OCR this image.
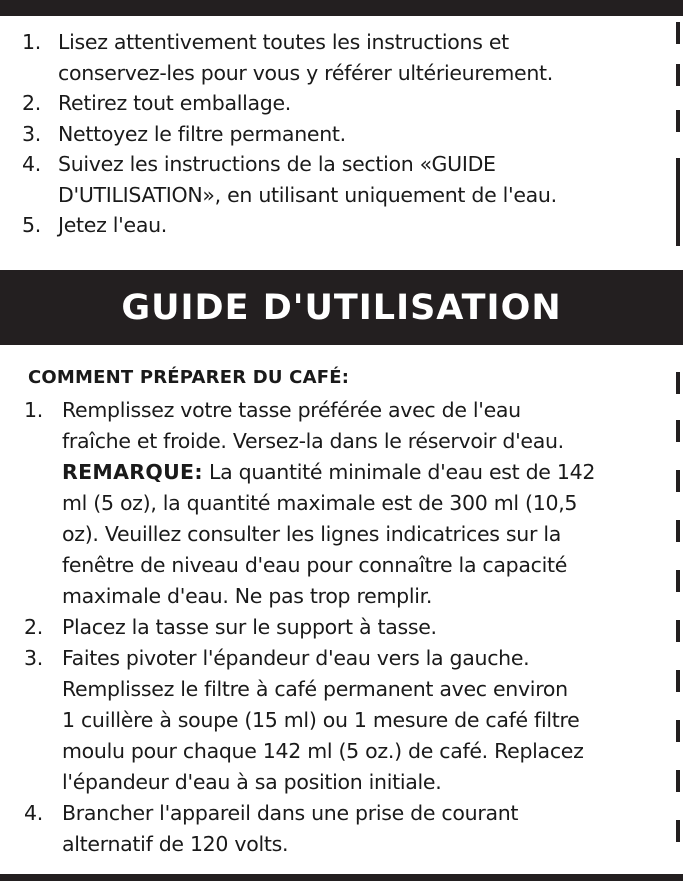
1. Lisez attentivement toutes les instructions et
conservez-les pour vous y référer ultérieurement.
2. Retirez tout emballage.
3. Nettoyez le filtre permanent.
4. Suivez les instructions de la section «GUIDE
D'UTILISATION», en utilisant uniquement de l'eau.
5. Jetez l'eau.
GUIDE D'UTILISATION
COMMENT PRÉPARER DU CAFÉ:
1. Remplissez votre tasse préférée avec de l'eau
fraîche et froide. Versez-la dans le réservoir d'eau.
REMARQUE: La quantité minimale d'eau est de 142
ml (5 oz), la quantité maximale est de 300 ml (10,5
oz). Veuillez consulter les lignes indicatrices sur la
fenêtre de niveau d'eau pour connaître la capacité
maximale d'eau. Ne pas trop remplir.
2. Placez la tasse sur le support à tasse.
3. Faites pivoter l'épandeur d'eau vers la gauche.
Remplissez le filtre à café permanent avec environ
1 cuillère à soupe (15 ml) ou 1 mesure de café filtre
moulu pour chaque 142 ml (5 oz.) de café. Replacez
l'épandeur d'eau à sa position initiale.
4. Brancher l'appareil dans une prise de courant
alternatif de 120 volts.
